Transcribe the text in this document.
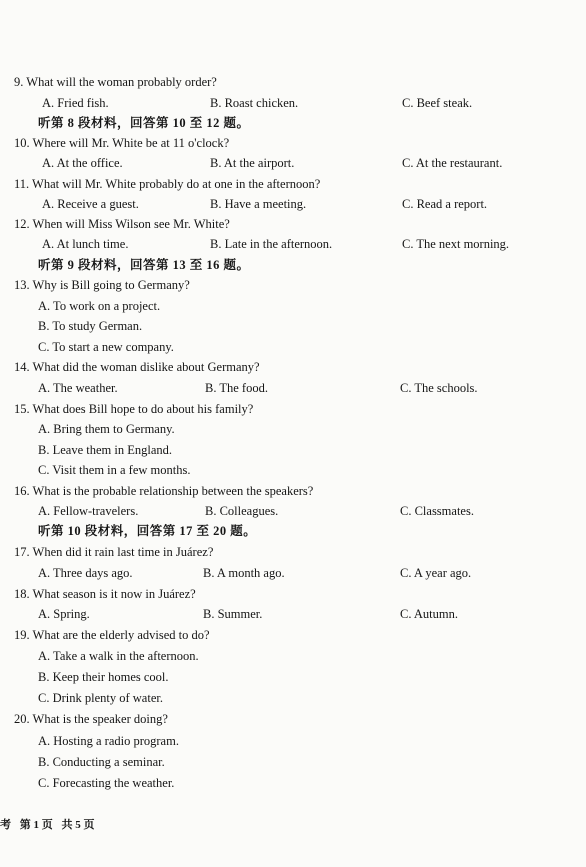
9. What will the woman probably order?
A. Fried fish.	B. Roast chicken.	C. Beef steak.
听第 8 段材料，回答第 10 至 12 题。
10. Where will Mr. White be at 11 o'clock?
A. At the office.	B. At the airport.	C. At the restaurant.
11. What will Mr. White probably do at one in the afternoon?
A. Receive a guest.	B. Have a meeting.	C. Read a report.
12. When will Miss Wilson see Mr. White?
A. At lunch time.	B. Late in the afternoon.	C. The next morning.
听第 9 段材料，回答第 13 至 16 题。
13. Why is Bill going to Germany?
A. To work on a project.
B. To study German.
C. To start a new company.
14. What did the woman dislike about Germany?
A. The weather.	B. The food.	C. The schools.
15. What does Bill hope to do about his family?
A. Bring them to Germany.
B. Leave them in England.
C. Visit them in a few months.
16. What is the probable relationship between the speakers?
A. Fellow-travelers.	B. Colleagues.	C. Classmates.
听第 10 段材料，回答第 17 至 20 题。
17. When did it rain last time in Juárez?
A. Three days ago.	B. A month ago.	C. A year ago.
18. What season is it now in Juárez?
A. Spring.	B. Summer.	C. Autumn.
19. What are the elderly advised to do?
A. Take a walk in the afternoon.
B. Keep their homes cool.
C. Drink plenty of water.
20. What is the speaker doing?
A. Hosting a radio program.
B. Conducting a seminar.
C. Forecasting the weather.
考 第 1 页 共 5 页
